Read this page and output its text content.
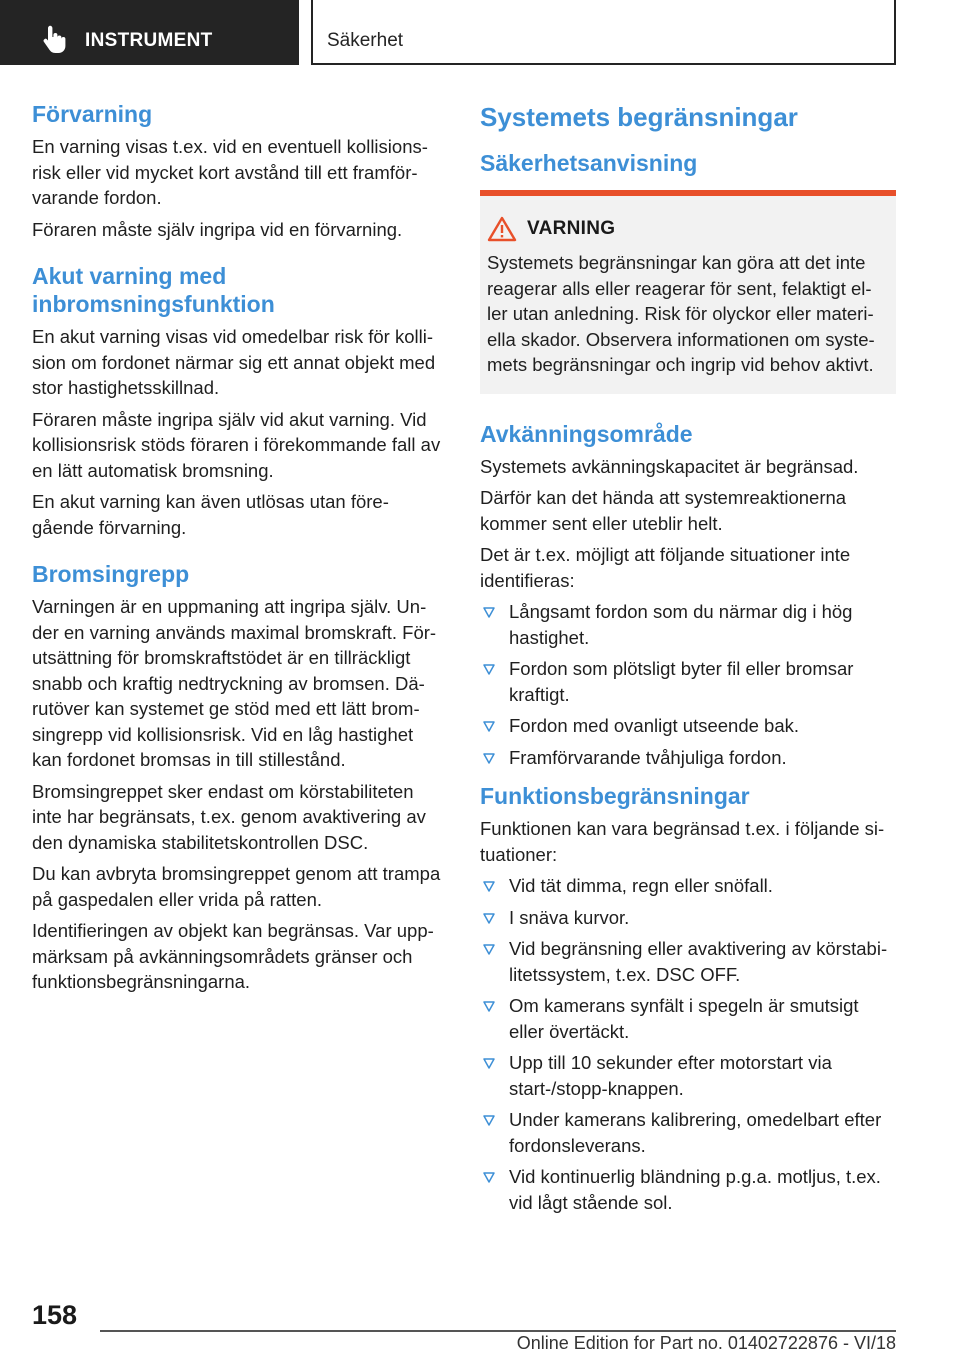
INSTRUMENT	Säkerhet
Förvarning

En varning visas t.ex. vid en eventuell kollisionsrisk eller vid mycket kort avstånd till ett framförvarande fordon.

Föraren måste själv ingripa vid en förvarning.

Akut varning med inbromsningsfunktion

En akut varning visas vid omedelbar risk för kollision om fordonet närmar sig ett annat objekt med stor hastighetsskillnad.

Föraren måste ingripa själv vid akut varning. Vid kollisionsrisk stöds föraren i förekommande fall av en lätt automatisk bromsning.

En akut varning kan även utlösas utan föregående förvarning.

Bromsingrepp

Varningen är en uppmaning att ingripa själv. Under en varning används maximal bromskraft. Förutsättning för bromskraftstödet är en tillräckligt snabb och kraftig nedtryckning av bromsen. Därutöver kan systemet ge stöd med ett lätt bromsingrepp vid kollisionsrisk. Vid en låg hastighet kan fordonet bromsas in till stillestånd.

Bromsingreppet sker endast om körstabiliteten inte har begränsats, t.ex. genom avaktivering av den dynamiska stabilitetskontrollen DSC.

Du kan avbryta bromsingreppet genom att trampa på gaspedalen eller vrida på ratten.

Identifieringen av objekt kan begränsas. Var uppmärksam på avkänningsområdets gränser och funktionsbegränsningarna.

Systemets begränsningar
Säkerhetsanvisning
VARNING

Systemets begränsningar kan göra att det inte reagerar alls eller reagerar för sent, felaktigt eller utan anledning. Risk för olyckor eller materiella skador. Observera informationen om systemets begränsningar och ingrip vid behov aktivt.

Avkänningsområde

Systemets avkänningskapacitet är begränsad.

Därför kan det hända att systemreaktionerna kommer sent eller uteblir helt.

Det är t.ex. möjligt att följande situationer inte identifieras:

Långsamt fordon som du närmar dig i hög hastighet.
Fordon som plötsligt byter fil eller bromsar kraftigt.
Fordon med ovanligt utseende bak.
Framförvarande tvåhjuliga fordon.
Funktionsbegränsningar

Funktionen kan vara begränsad t.ex. i följande situationer:

Vid tät dimma, regn eller snöfall.
I snäva kurvor.
Vid begränsning eller avaktivering av körstabilitetssystem, t.ex. DSC OFF.
Om kamerans synfält i spegeln är smutsigt eller övertäckt.
Upp till 10 sekunder efter motorstart via start-/stopp-knappen.
Under kamerans kalibrering, omedelbart efter fordonsleverans.
Vid kontinuerlig bländning p.g.a. motljus, t.ex. vid lågt stående sol.
158
Online Edition for Part no. 01402722876 - VI/18
